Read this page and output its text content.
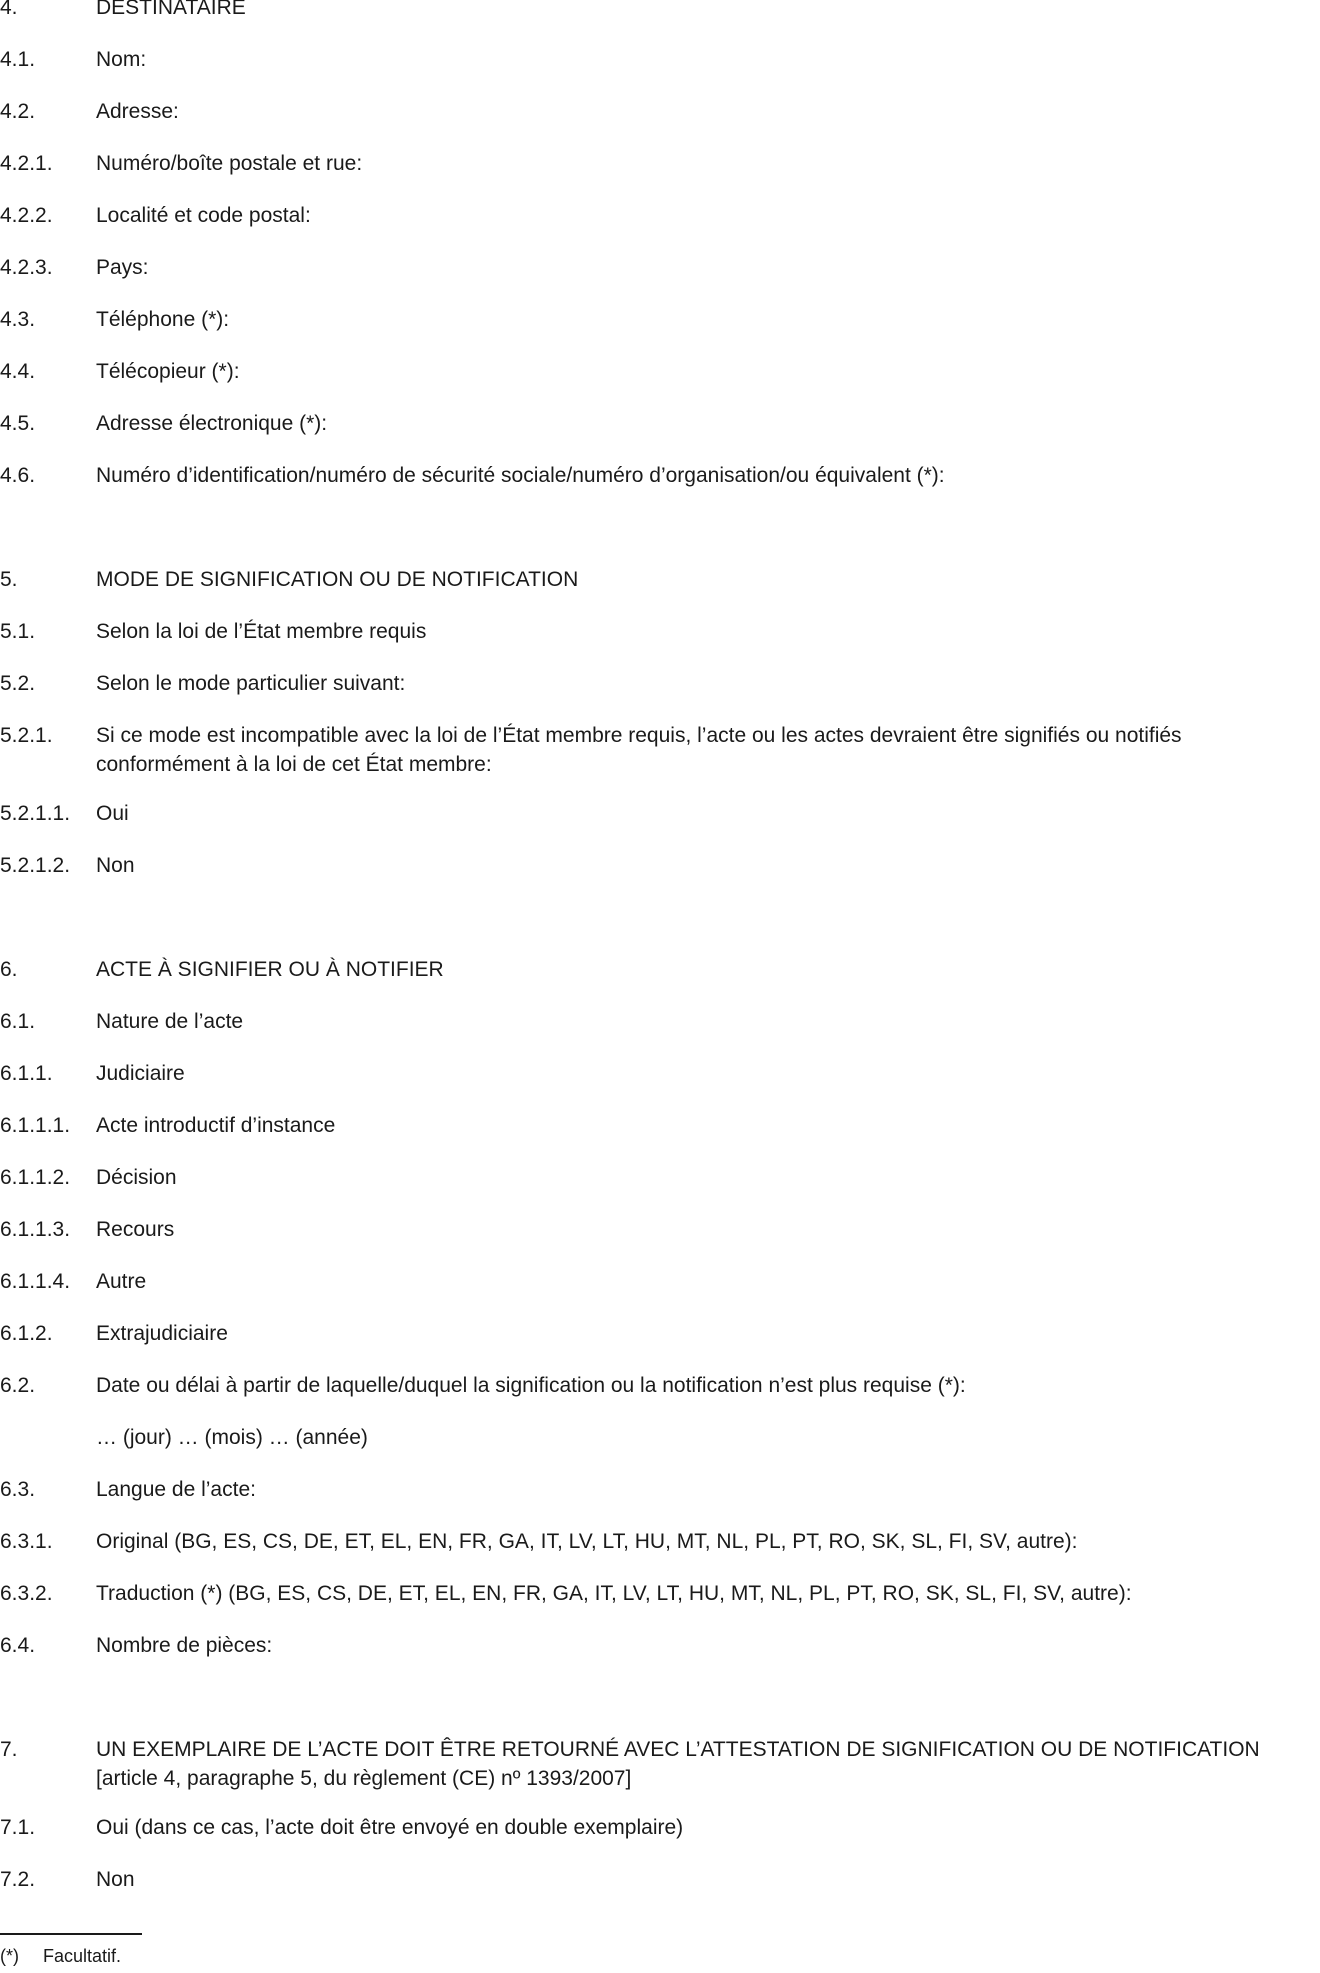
4.	DESTINATAIRE
4.1.	Nom:
4.2.	Adresse:
4.2.1.	Numéro/boîte postale et rue:
4.2.2.	Localité et code postal:
4.2.3.	Pays:
4.3.	Téléphone (*):
4.4.	Télécopieur (*):
4.5.	Adresse électronique (*):
4.6.	Numéro d’identification/numéro de sécurité sociale/numéro d’organisation/ou équivalent (*):
5.	MODE DE SIGNIFICATION OU DE NOTIFICATION
5.1.	Selon la loi de l’État membre requis
5.2.	Selon le mode particulier suivant:
5.2.1.	Si ce mode est incompatible avec la loi de l’État membre requis, l’acte ou les actes devraient être signifiés ou notifiés conformément à la loi de cet État membre:
5.2.1.1.	Oui
5.2.1.2.	Non
6.	ACTE À SIGNIFIER OU À NOTIFIER
6.1.	Nature de l’acte
6.1.1.	Judiciaire
6.1.1.1.	Acte introductif d’instance
6.1.1.2.	Décision
6.1.1.3.	Recours
6.1.1.4.	Autre
6.1.2.	Extrajudiciaire
6.2.	Date ou délai à partir de laquelle/duquel la signification ou la notification n’est plus requise (*):
… (jour) … (mois) … (année)
6.3.	Langue de l’acte:
6.3.1.	Original (BG, ES, CS, DE, ET, EL, EN, FR, GA, IT, LV, LT, HU, MT, NL, PL, PT, RO, SK, SL, FI, SV, autre):
6.3.2.	Traduction (*) (BG, ES, CS, DE, ET, EL, EN, FR, GA, IT, LV, LT, HU, MT, NL, PL, PT, RO, SK, SL, FI, SV, autre):
6.4.	Nombre de pièces:
7.	UN EXEMPLAIRE DE L’ACTE DOIT ÊTRE RETOURNÉ AVEC L’ATTESTATION DE SIGNIFICATION OU DE NOTIFICATION [article 4, paragraphe 5, du règlement (CE) nº 1393/2007]
7.1.	Oui (dans ce cas, l’acte doit être envoyé en double exemplaire)
7.2.	Non
(*)	Facultatif.
